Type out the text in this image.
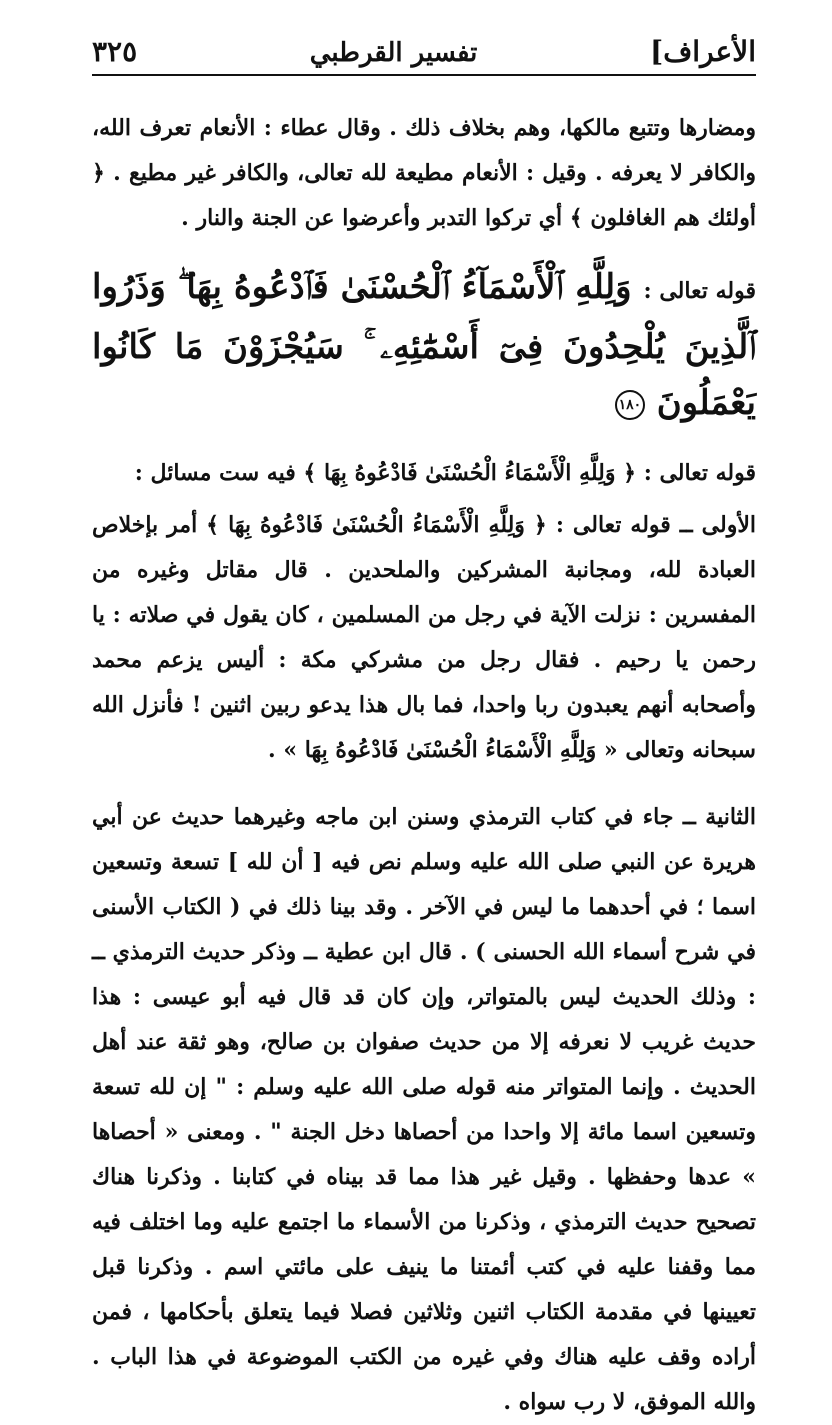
الأعراف]
تفسير القرطبي
٣٢٥

ومضارها وتتبع مالكها، وهم بخلاف ذلك . وقال عطاء : الأنعام تعرف الله، والكافر لا يعرفه . وقيل : الأنعام مطيعة لله تعالى، والكافر غير مطيع . ﴿ أولئك هم الغافلون ﴾ أي تركوا التدبر وأعرضوا عن الجنة والنار .

قوله تعالى : وَلِلَّهِ ٱلْأَسْمَآءُ ٱلْحُسْنَىٰ فَٱدْعُوهُ بِهَا ۖ وَذَرُوا ٱلَّذِينَ يُلْحِدُونَ فِىٓ أَسْمَٰٓئِهِۦ ۚ سَيُجْزَوْنَ مَا كَانُوا يَعْمَلُونَ ١٨٠

قوله تعالى : ﴿ وَلِلَّهِ الْأَسْمَاءُ الْحُسْنَىٰ فَادْعُوهُ بِهَا ﴾ فيه ست مسائل :

الأولى ــ قوله تعالى : ﴿ وَلِلَّهِ الْأَسْمَاءُ الْحُسْنَىٰ فَادْعُوهُ بِهَا ﴾ أمر بإخلاص العبادة لله، ومجانبة المشركين والملحدين . قال مقاتل وغيره من المفسرين : نزلت الآية في رجل من المسلمين ، كان يقول في صلاته : يا رحمن يا رحيم . فقال رجل من مشركي مكة : أليس يزعم محمد وأصحابه أنهم يعبدون ربا واحدا، فما بال هذا يدعو ربين اثنين ! فأنزل الله سبحانه وتعالى « وَلِلَّهِ الْأَسْمَاءُ الْحُسْنَىٰ فَادْعُوهُ بِهَا » .

الثانية ــ جاء في كتاب الترمذي وسنن ابن ماجه وغيرهما حديث عن أبي هريرة عن النبي صلى الله عليه وسلم نص فيه [ أن لله ] تسعة وتسعين اسما ؛ في أحدهما ما ليس في الآخر . وقد بينا ذلك في ( الكتاب الأسنى في شرح أسماء الله الحسنى ) . قال ابن عطية ــ وذكر حديث الترمذي ــ : وذلك الحديث ليس بالمتواتر، وإن كان قد قال فيه أبو عيسى : هذا حديث غريب لا نعرفه إلا من حديث صفوان بن صالح، وهو ثقة عند أهل الحديث . وإنما المتواتر منه قوله صلى الله عليه وسلم : " إن لله تسعة وتسعين اسما مائة إلا واحدا من أحصاها دخل الجنة " . ومعنى « أحصاها » عدها وحفظها . وقيل غير هذا مما قد بيناه في كتابنا . وذكرنا هناك تصحيح حديث الترمذي ، وذكرنا من الأسماء ما اجتمع عليه وما اختلف فيه مما وقفنا عليه في كتب أئمتنا ما ينيف على مائتي اسم . وذكرنا قبل تعيينها في مقدمة الكتاب اثنين وثلاثين فصلا فيما يتعلق بأحكامها ، فمن أراده وقف عليه هناك وفي غيره من الكتب الموضوعة في هذا الباب . والله الموفق، لا رب سواه .
